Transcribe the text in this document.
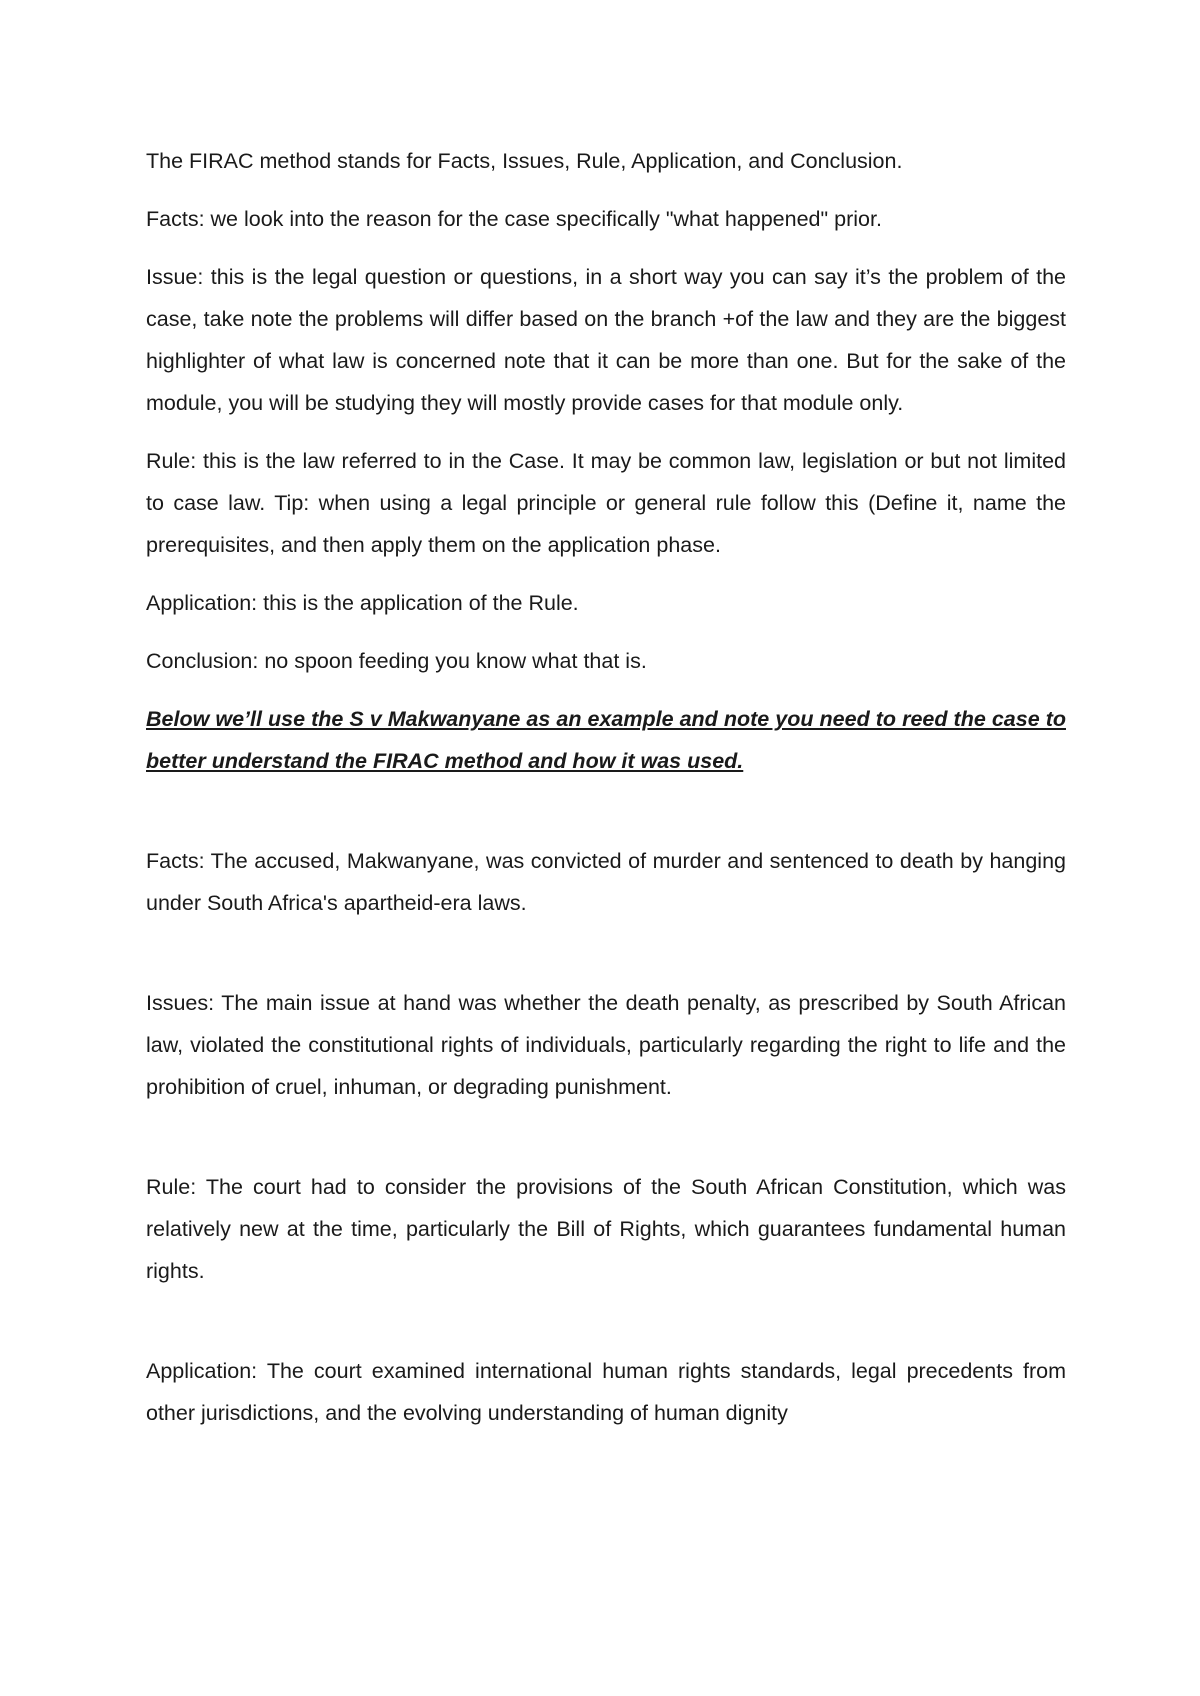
The FIRAC method stands for Facts, Issues, Rule, Application, and Conclusion.

Facts: we look into the reason for the case specifically "what happened" prior.

Issue: this is the legal question or questions, in a short way you can say it’s the problem of the case, take note the problems will differ based on the branch +of the law and they are the biggest highlighter of what law is concerned note that it can be more than one. But for the sake of the module, you will be studying they will mostly provide cases for that module only.

Rule: this is the law referred to in the Case. It may be common law, legislation or but not limited to case law. Tip: when using a legal principle or general rule follow this (Define it, name the prerequisites, and then apply them on the application phase.

Application: this is the application of the Rule.

Conclusion: no spoon feeding you know what that is.

Below we’ll use the S v Makwanyane as an example and note you need to reed the case to better understand the FIRAC method and how it was used.

Facts: The accused, Makwanyane, was convicted of murder and sentenced to death by hanging under South Africa's apartheid-era laws.

Issues: The main issue at hand was whether the death penalty, as prescribed by South African law, violated the constitutional rights of individuals, particularly regarding the right to life and the prohibition of cruel, inhuman, or degrading punishment.

Rule: The court had to consider the provisions of the South African Constitution, which was relatively new at the time, particularly the Bill of Rights, which guarantees fundamental human rights.

Application: The court examined international human rights standards, legal precedents from other jurisdictions, and the evolving understanding of human dignity
